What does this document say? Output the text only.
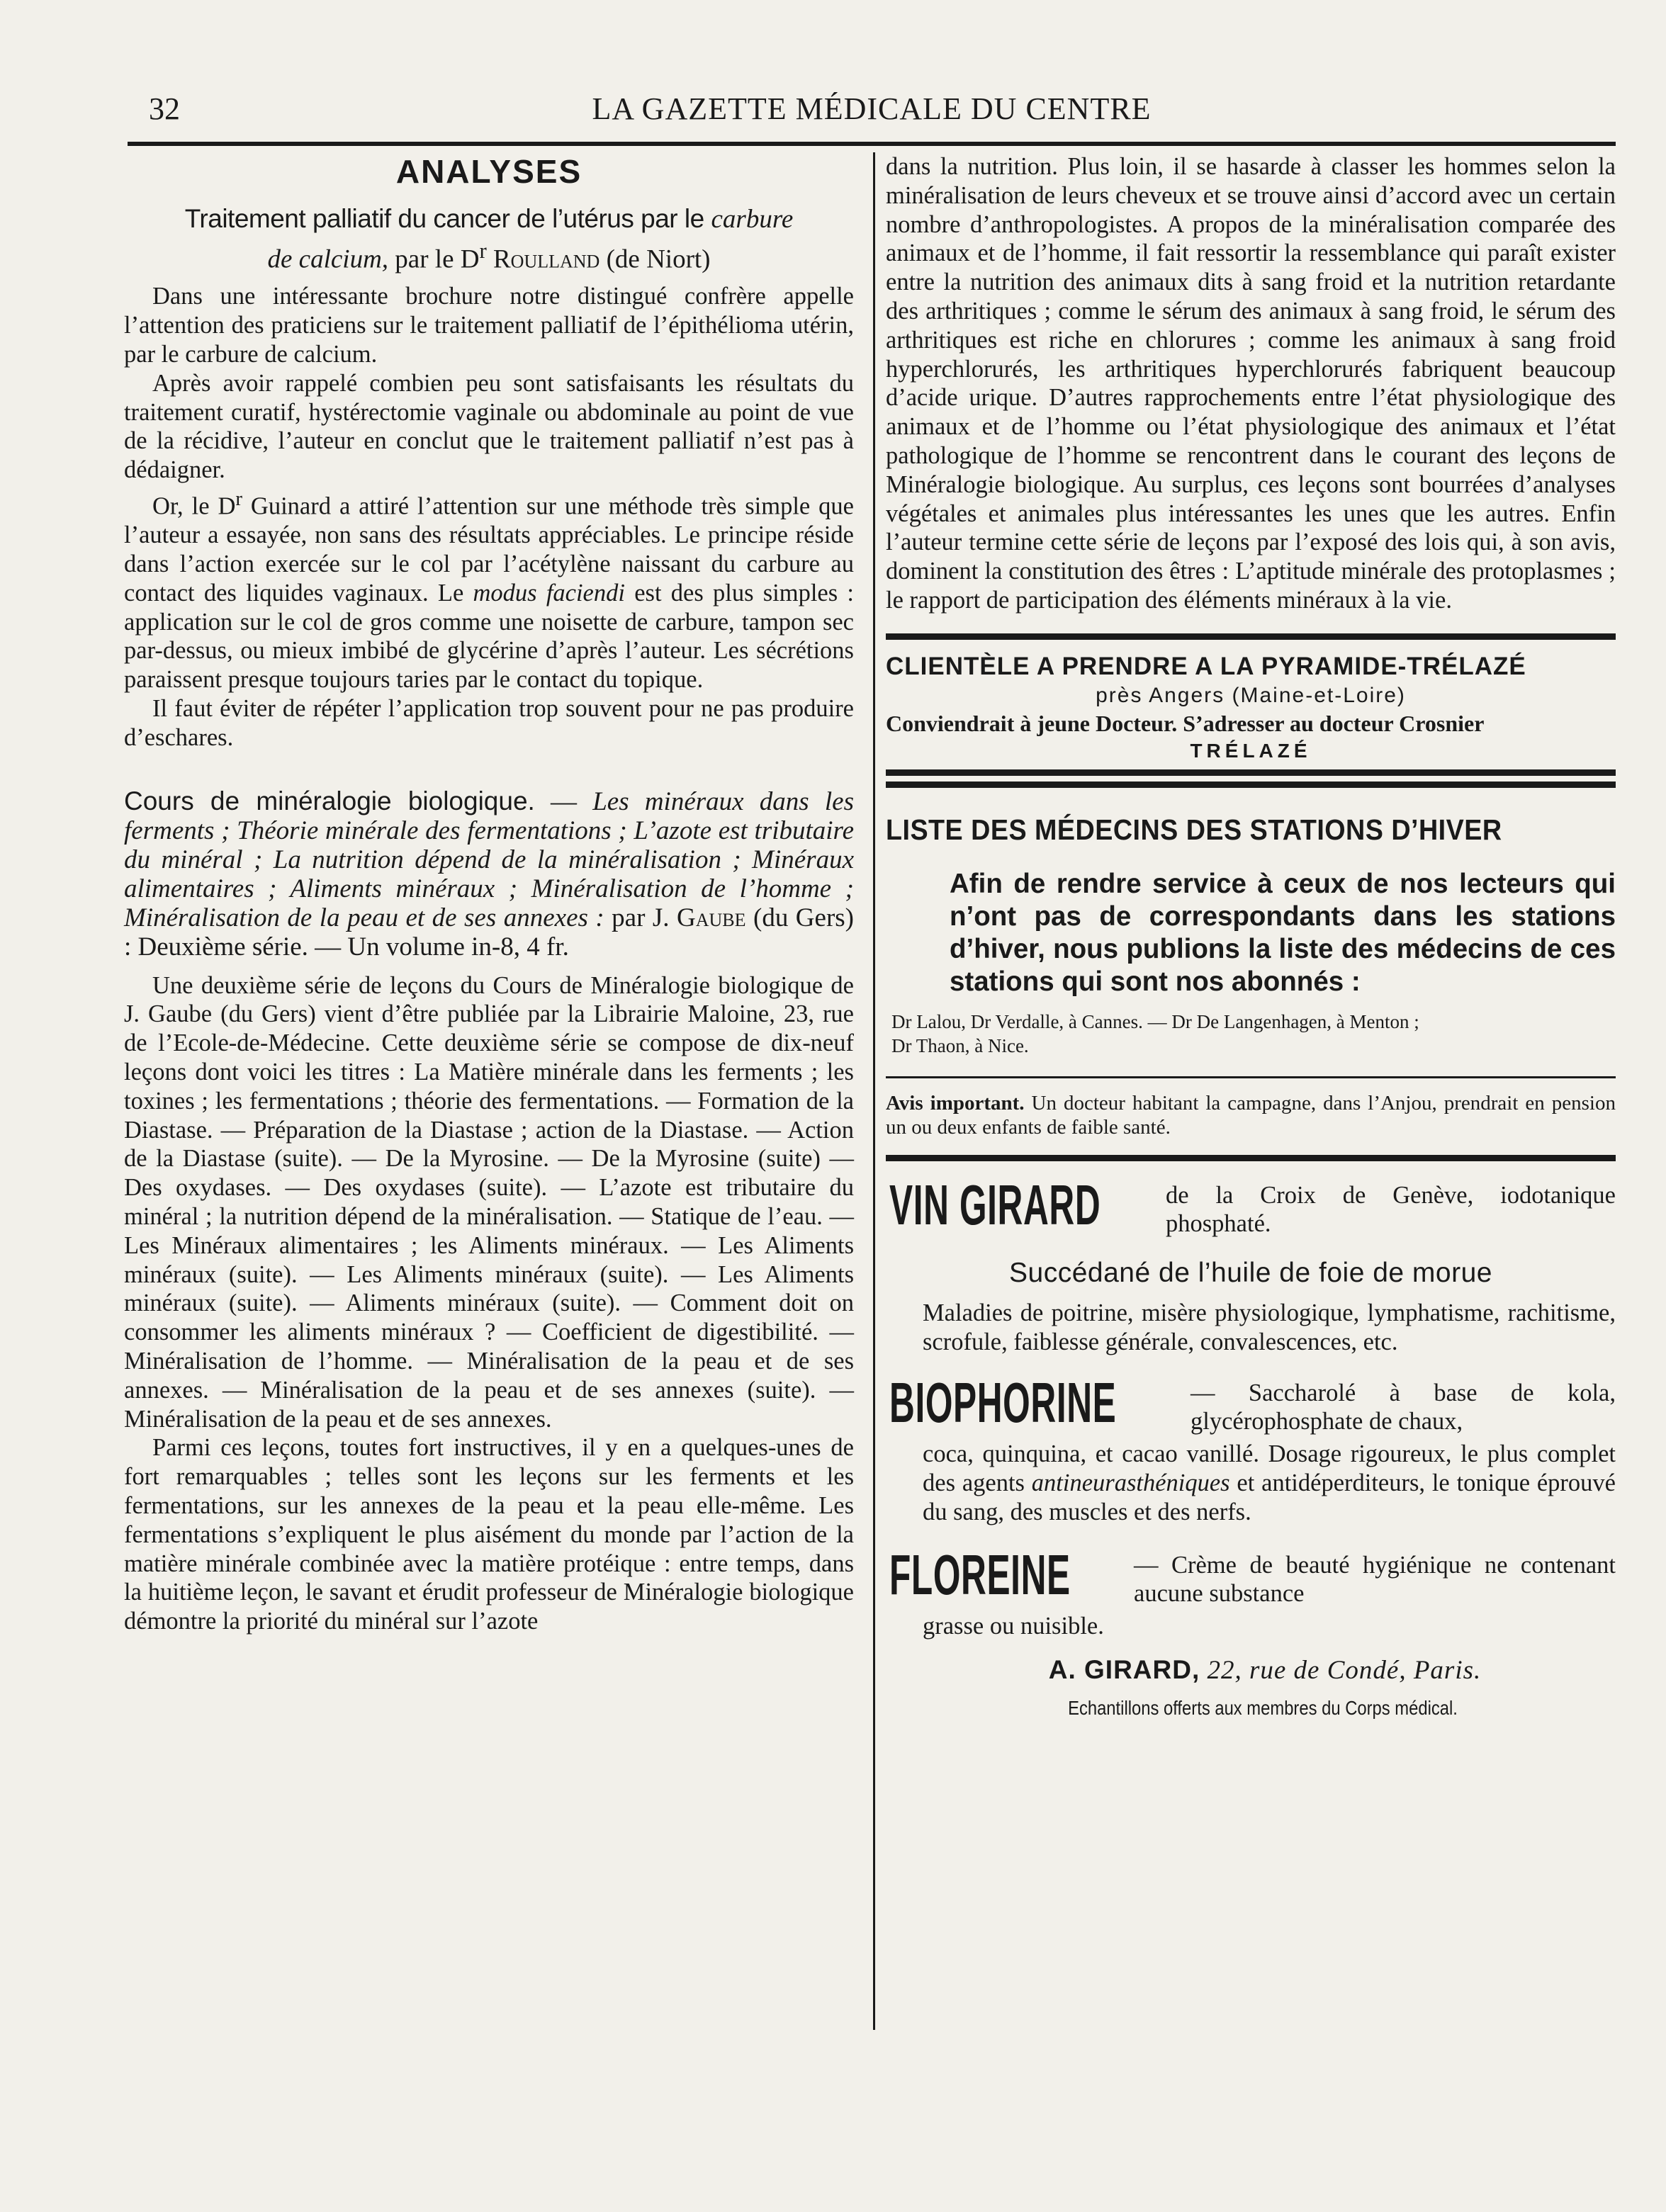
32	LA GAZETTE MÉDICALE DU CENTRE
ANALYSES
Traitement palliatif du cancer de l’utérus par le carbure
de calcium, par le $D^r$ Roulland (de Niort)

Dans une intéressante brochure notre distingué confrère appelle l’attention des praticiens sur le traitement palliatif de l’épithélioma utérin, par le carbure de calcium.

Après avoir rappelé combien peu sont satisfaisants les résultats du traitement curatif, hystérectomie vaginale ou abdominale au point de vue de la récidive, l’auteur en conclut que le traitement palliatif n’est pas à dédaigner.

Or, le $D^r$ Guinard a attiré l’attention sur une méthode très simple que l’auteur a essayée, non sans des résultats appréciables. Le principe réside dans l’action exercée sur le col par l’acétylène naissant du carbure au contact des liquides vaginaux. Le modus faciendi est des plus simples : application sur le col de gros comme une noisette de carbure, tampon sec par-dessus, ou mieux imbibé de glycérine d’après l’auteur. Les sécrétions paraissent presque toujours taries par le contact du topique.

Il faut éviter de répéter l’application trop souvent pour ne pas produire d’eschares.

Cours de minéralogie biologique. — Les minéraux dans les ferments ; Théorie minérale des fermentations ; L’azote est tributaire du minéral ; La nutrition dépend de la minéralisation ; Minéraux alimentaires ; Aliments minéraux ; Minéralisation de l’homme ; Minéralisation de la peau et de ses annexes : par J. Gaube (du Gers) : Deuxième série. — Un volume in-8, 4 fr.

Une deuxième série de leçons du Cours de Minéralogie biologique de J. Gaube (du Gers) vient d’être publiée par la Librairie Maloine, 23, rue de l’Ecole-de-Médecine. Cette deuxième série se compose de dix-neuf leçons dont voici les titres : La Matière minérale dans les ferments ; les toxines ; les fermentations ; théorie des fermentations. — Formation de la Diastase. — Préparation de la Diastase ; action de la Diastase. — Action de la Diastase (suite). — De la Myrosine. — De la Myrosine (suite) — Des oxydases. — Des oxydases (suite). — L’azote est tributaire du minéral ; la nutrition dépend de la minéralisation. — Statique de l’eau. — Les Minéraux alimentaires ; les Aliments minéraux. — Les Aliments minéraux (suite). — Les Aliments minéraux (suite). — Les Aliments minéraux (suite). — Aliments minéraux (suite). — Comment doit on consommer les aliments minéraux ? — Coefficient de digestibilité. — Minéralisation de l’homme. — Minéralisation de la peau et de ses annexes. — Minéralisation de la peau et de ses annexes (suite). — Minéralisation de la peau et de ses annexes.

Parmi ces leçons, toutes fort instructives, il y en a quelques-unes de fort remarquables ; telles sont les leçons sur les ferments et les fermentations, sur les annexes de la peau et la peau elle-même. Les fermentations s’expliquent le plus aisément du monde par l’action de la matière minérale combinée avec la matière protéique : entre temps, dans la huitième leçon, le savant et érudit professeur de Minéralogie biologique démontre la priorité du minéral sur l’azote

dans la nutrition. Plus loin, il se hasarde à classer les hommes selon la minéralisation de leurs cheveux et se trouve ainsi d’accord avec un certain nombre d’anthropologistes. A propos de la minéralisation comparée des animaux et de l’homme, il fait ressortir la ressemblance qui paraît exister entre la nutrition des animaux dits à sang froid et la nutrition retardante des arthritiques ; comme le sérum des animaux à sang froid, le sérum des arthritiques est riche en chlorures ; comme les animaux à sang froid hyperchlorurés, les arthritiques hyperchlorurés fabriquent beaucoup d’acide urique. D’autres rapprochements entre l’état physiologique des animaux et de l’homme ou l’état physiologique des animaux et l’état pathologique de l’homme se rencontrent dans le courant des leçons de Minéralogie biologique. Au surplus, ces leçons sont bourrées d’analyses végétales et animales plus intéressantes les unes que les autres. Enfin l’auteur termine cette série de leçons par l’exposé des lois qui, à son avis, dominent la constitution des êtres : L’aptitude minérale des protoplasmes ; le rapport de participation des éléments minéraux à la vie.

CLIENTÈLE A PRENDRE A LA PYRAMIDE-TRÉLAZÉ
près Angers (Maine-et-Loire)
Conviendrait à jeune Docteur. S’adresser au docteur Crosnier
TRÉLAZÉ
LISTE DES MÉDECINS DES STATIONS D’HIVER
Afin de rendre service à ceux de nos lecteurs qui n’ont pas de correspondants dans les stations d’hiver, nous publions la liste des médecins de ces stations qui sont nos abonnés :
Dr Lalou, Dr Verdalle, à Cannes. — Dr De Langenhagen, à Menton ;
Dr Thaon, à Nice.

Avis important. Un docteur habitant la campagne, dans l’Anjou, prendrait en pension un ou deux enfants de faible santé.

VIN GIRARD	de la Croix de Genève, iodotanique phosphaté.
Succédané de l’huile de foie de morue

Maladies de poitrine, misère physiologique, lymphatisme, rachitisme, scrofule, faiblesse générale, convalescences, etc.

BIOPHORINE	— Saccharolé à base de kola, glycérophosphate de chaux,

coca, quinquina, et cacao vanillé. Dosage rigoureux, le plus complet des agents antineurasthéniques et antidéperditeurs, le tonique éprouvé du sang, des muscles et des nerfs.

FLOREINE	— Crème de beauté hygiénique ne contenant aucune substance

grasse ou nuisible.

A. GIRARD, 22, rue de Condé, Paris.
Echantillons offerts aux membres du Corps médical.
